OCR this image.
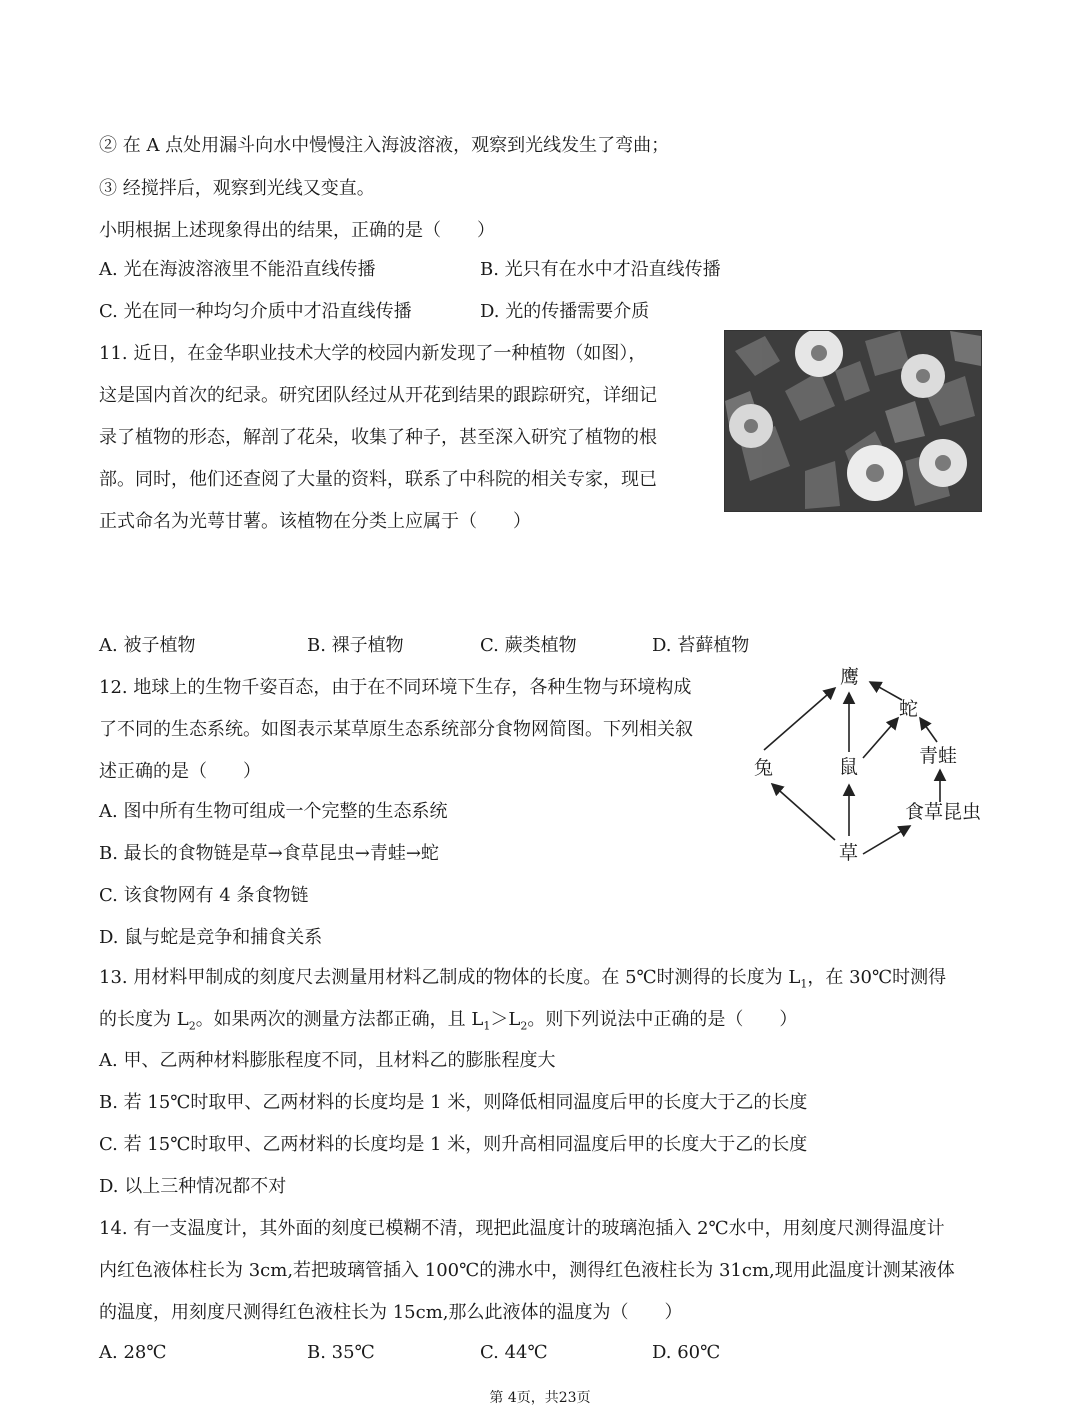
② 在 A 点处用漏斗向水中慢慢注入海波溶液，观察到光线发生了弯曲；
③ 经搅拌后，观察到光线又变直。
小明根据上述现象得出的结果，正确的是（　　）
A. 光在海波溶液里不能沿直线传播	B. 光只有在水中才沿直线传播
C. 光在同一种均匀介质中才沿直线传播	D. 光的传播需要介质
11. 近日，在金华职业技术大学的校园内新发现了一种植物（如图），
这是国内首次的纪录。研究团队经过从开花到结果的跟踪研究，详细记
录了植物的形态，解剖了花朵，收集了种子，甚至深入研究了植物的根
部。同时，他们还查阅了大量的资料，联系了中科院的相关专家，现已
正式命名为光萼甘薯。该植物在分类上应属于（　　）
A. 被子植物	B. 裸子植物	C. 蕨类植物	D. 苔藓植物
12. 地球上的生物千姿百态，由于在不同环境下生存，各种生物与环境构成
了不同的生态系统。如图表示某草原生态系统部分食物网简图。下列相关叙
述正确的是（　　）
A. 图中所有生物可组成一个完整的生态系统
B. 最长的食物链是草→食草昆虫→青蛙→蛇
C. 该食物网有 4 条食物链
D. 鼠与蛇是竞争和捕食关系
鹰
蛇
青蛙
兔	鼠
食草昆虫
草
13. 用材料甲制成的刻度尺去测量用材料乙制成的物体的长度。在 5℃时测得的长度为 $L_1$，在 30℃时测得
的长度为 $L_2$。如果两次的测量方法都正确，且 $L_1>L_2$。则下列说法中正确的是（　　）
A. 甲、乙两种材料膨胀程度不同，且材料乙的膨胀程度大
B. 若 15℃时取甲、乙两材料的长度均是 1 米，则降低相同温度后甲的长度大于乙的长度
C. 若 15℃时取甲、乙两材料的长度均是 1 米，则升高相同温度后甲的长度大于乙的长度
D. 以上三种情况都不对
14. 有一支温度计，其外面的刻度已模糊不清，现把此温度计的玻璃泡插入 2℃水中，用刻度尺测得温度计
内红色液体柱长为 3cm,若把玻璃管插入 100℃的沸水中，测得红色液柱长为 31cm,现用此温度计测某液体
的温度，用刻度尺测得红色液柱长为 15cm,那么此液体的温度为（　　）
A. 28℃	B. 35℃	C. 44℃	D. 60℃
第 4页，共23页
